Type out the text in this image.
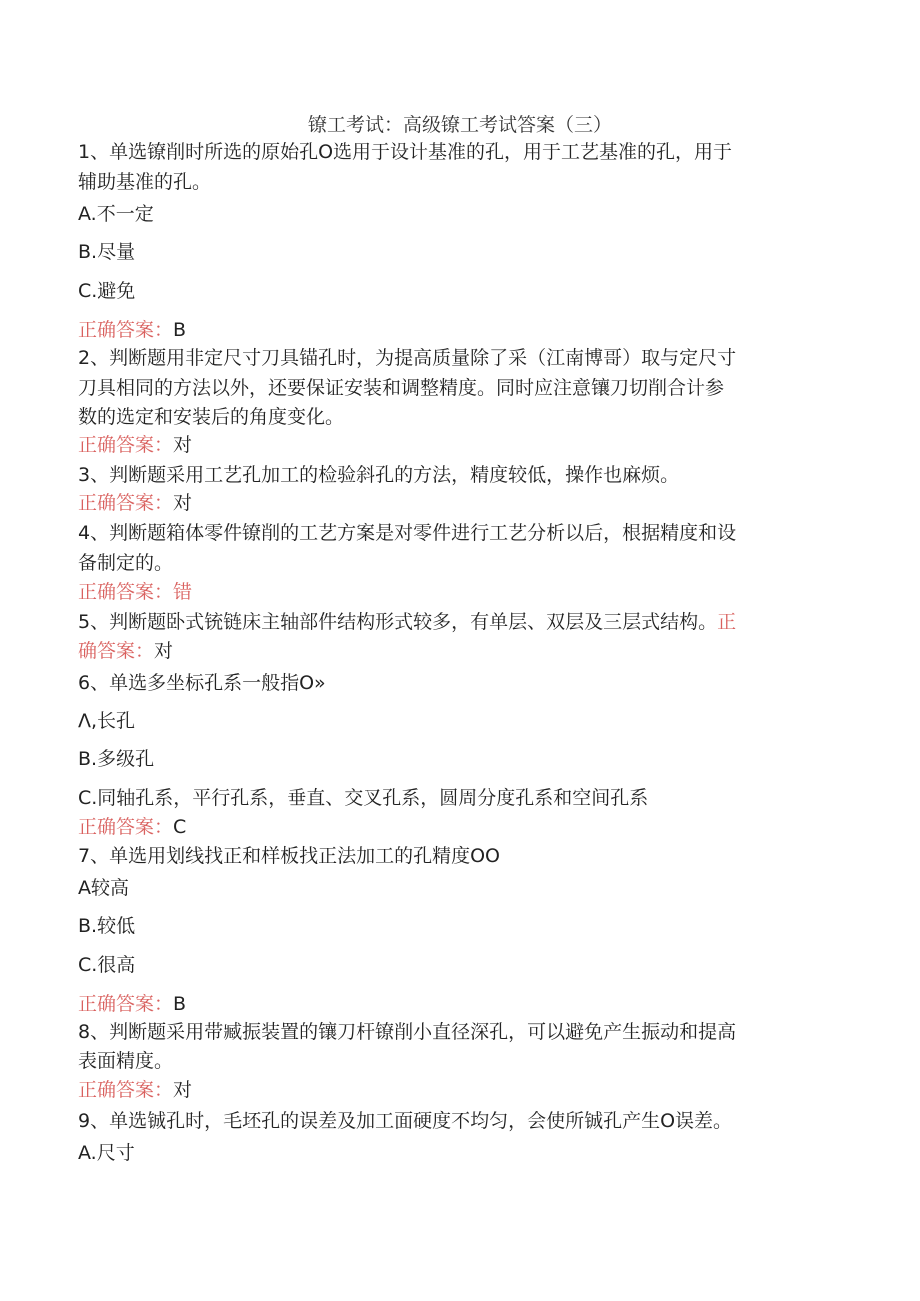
镣工考试：高级镣工考试答案（三）
1、单选镣削时所选的原始孔O选用于设计基准的孔，用于工艺基准的孔，用于
辅助基准的孔。
A.不一定
B.尽量
C.避免
正确答案：B
2、判断题用非定尺寸刀具锚孔时，为提高质量除了采（江南博哥）取与定尺寸
刀具相同的方法以外，还要保证安装和调整精度。同时应注意镶刀切削合计参
数的选定和安装后的角度变化。
正确答案：对
3、判断题采用工艺孔加工的检验斜孔的方法，精度较低，操作也麻烦。
正确答案：对
4、判断题箱体零件镣削的工艺方案是对零件进行工艺分析以后，根据精度和设
备制定的。
正确答案：错
5、判断题卧式铳链床主轴部件结构形式较多，有单层、双层及三层式结构。正
确答案：对
6、单选多坐标孔系一般指O»
Λ,长孔
B.多级孔
C.同轴孔系，平行孔系，垂直、交叉孔系，圆周分度孔系和空间孔系
正确答案：C
7、单选用划线找正和样板找正法加工的孔精度OO
A较高
B.较低
C.很高
正确答案：B
8、判断题采用带臧振装置的镶刀杆镣削小直径深孔，可以避免产生振动和提高
表面精度。
正确答案：对
9、单选铖孔时，毛坯孔的误差及加工面硬度不均匀，会使所铖孔产生O误差。
A.尺寸
